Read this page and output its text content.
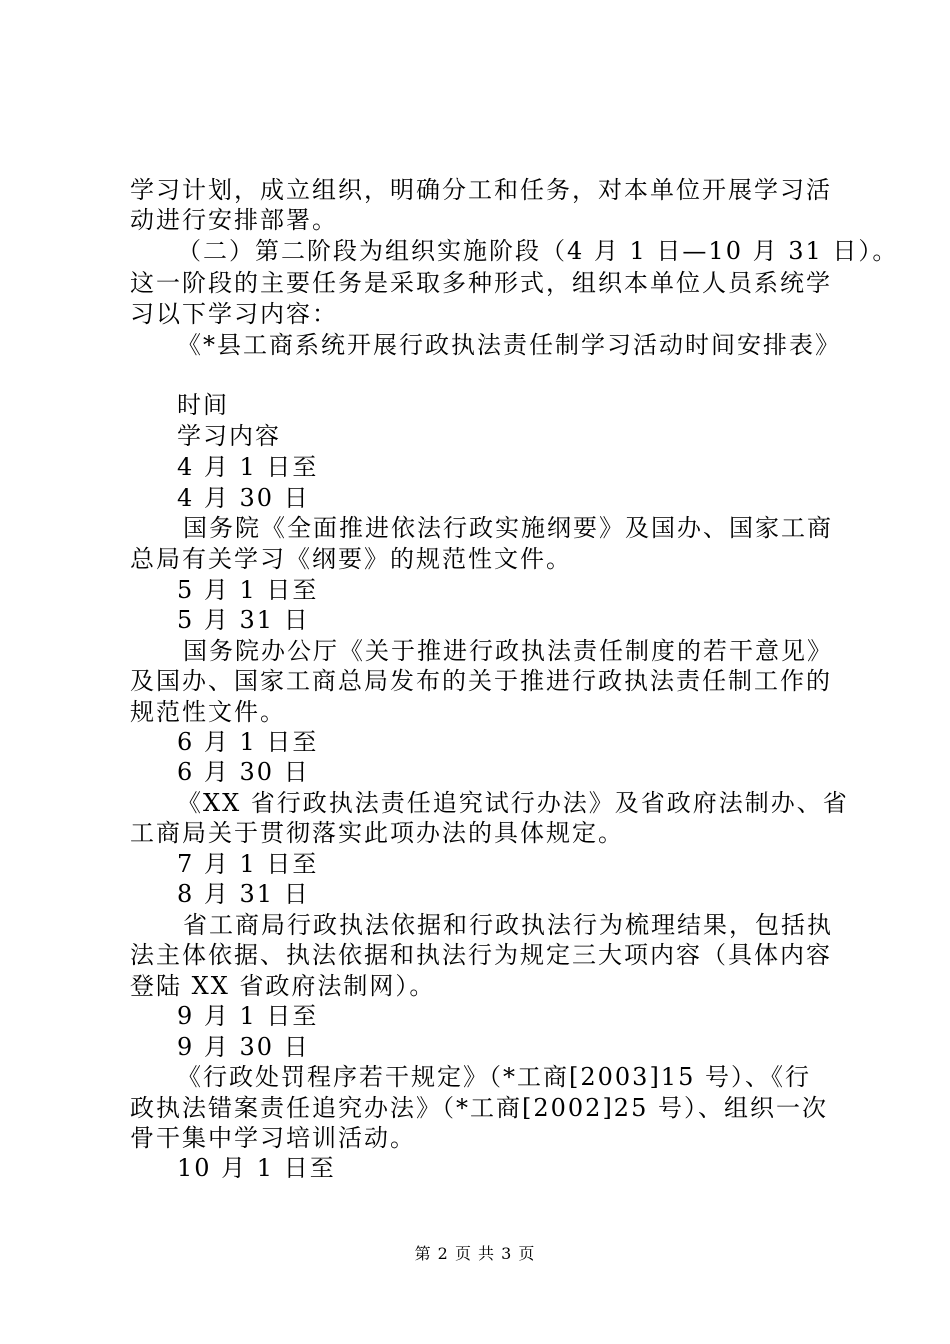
学习计划，成立组织，明确分工和任务，对本单位开展学习活
动进行安排部署。
（二）第二阶段为组织实施阶段（4 月 1 日—10 月 31 日）。
这一阶段的主要任务是采取多种形式，组织本单位人员系统学
习以下学习内容：
《*县工商系统开展行政执法责任制学习活动时间安排表》
时间
学习内容
4 月 1 日至
4 月 30 日
国务院《全面推进依法行政实施纲要》及国办、国家工商
总局有关学习《纲要》的规范性文件。
5 月 1 日至
5 月 31 日
国务院办公厅《关于推进行政执法责任制度的若干意见》
及国办、国家工商总局发布的关于推进行政执法责任制工作的
规范性文件。
6 月 1 日至
6 月 30 日
《XX 省行政执法责任追究试行办法》及省政府法制办、省
工商局关于贯彻落实此项办法的具体规定。
7 月 1 日至
8 月 31 日
省工商局行政执法依据和行政执法行为梳理结果，包括执
法主体依据、执法依据和执法行为规定三大项内容（具体内容
登陆 XX 省政府法制网）。
9 月 1 日至
9 月 30 日
《行政处罚程序若干规定》（*工商[2003]15 号）、《行
政执法错案责任追究办法》（*工商[2002]25 号）、组织一次
骨干集中学习培训活动。
10 月 1 日至
第 2 页 共 3 页
